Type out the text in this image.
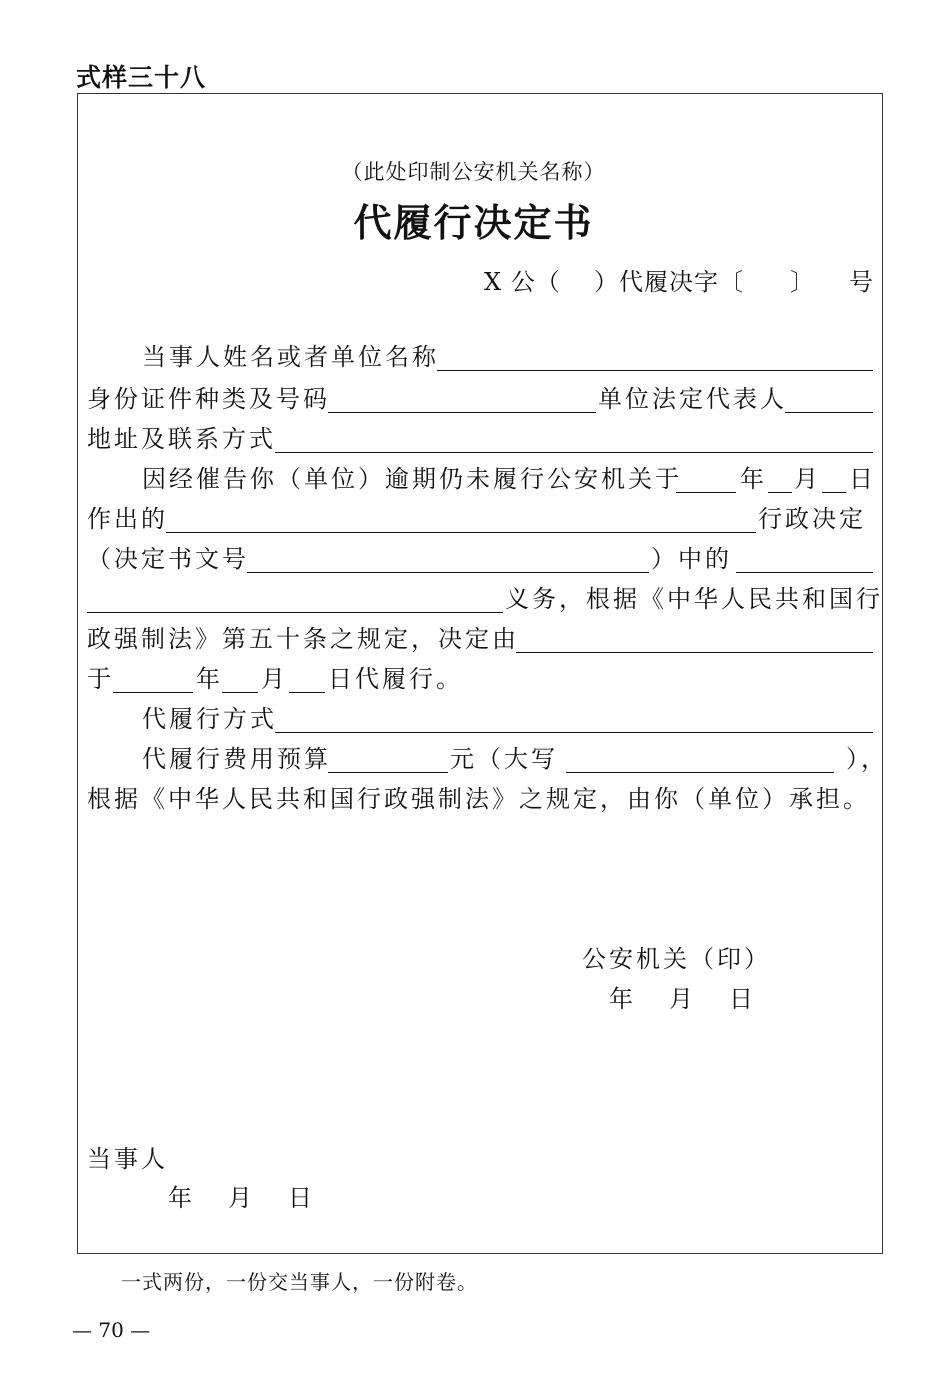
式样三十八
（此处印制公安机关名称）
代履行决定书
X 公（ ）代履决字〔 〕 号
当事人姓名或者单位名称
身份证件种类及号码	单位法定代表人
地址及联系方式
因经催告你（单位）逾期仍未履行公安机关于 年 月 日
作出的	行政决定
（决定书文号	）中的
义务，根据《中华人民共和国行
政强制法》第五十条之规定，决定由
于	年 月 日代履行。
代履行方式
代履行费用预算	元（大写	），
根据《中华人民共和国行政强制法》之规定，由你（单位）承担。
公安机关（印）
年　月　日
当事人
年　月　日
一式两份，一份交当事人，一份附卷。
— 70 —
